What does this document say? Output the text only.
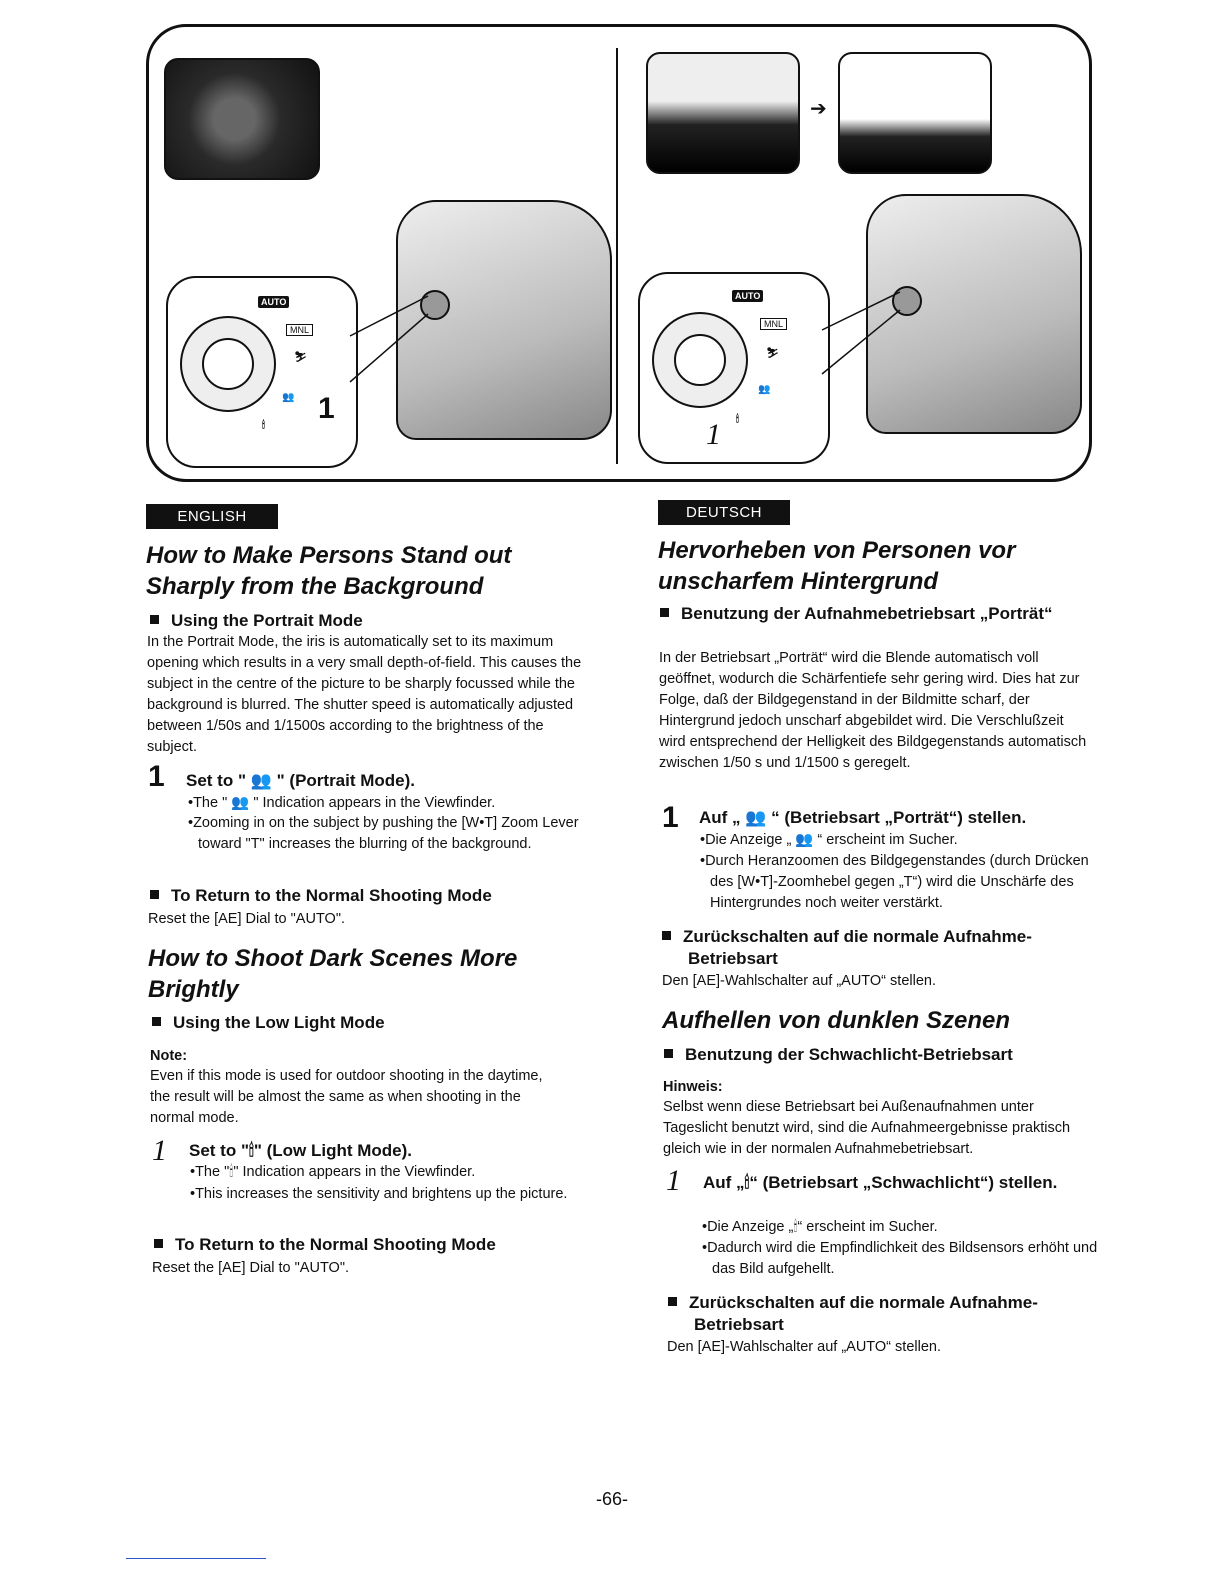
AUTO
MNL
⛷
👥
🕯
1
➔
AUTO
MNL
⛷
👥
🕯
1
ENGLISH
How to Make Persons Stand out Sharply from the Background
Using the Portrait Mode
In the Portrait Mode, the iris is automatically set to its maximum opening which results in a very small depth-of-field. This causes the subject in the centre of the picture to be sharply focussed while the background is blurred. The shutter speed is automatically adjusted between 1/50s and 1/1500s according to the brightness of the subject.
1 Set to " 👥 " (Portrait Mode).
•The " 👥 " Indication appears in the Viewfinder.
•Zooming in on the subject by pushing the [W•T] Zoom Lever toward "T" increases the blurring of the background.
To Return to the Normal Shooting Mode
Reset the [AE] Dial to "AUTO".
How to Shoot Dark Scenes More Brightly
Using the Low Light Mode
Note:
Even if this mode is used for outdoor shooting in the daytime, the result will be almost the same as when shooting in the normal mode.
1 Set to "🕯" (Low Light Mode).
•The "🕯" Indication appears in the Viewfinder.
•This increases the sensitivity and brightens up the picture.
To Return to the Normal Shooting Mode
Reset the [AE] Dial to "AUTO".
DEUTSCH
Hervorheben von Personen vor unscharfem Hintergrund
Benutzung der Aufnahmebetriebsart „Porträt“
In der Betriebsart „Porträt“ wird die Blende automatisch voll geöffnet, wodurch die Schärfentiefe sehr gering wird. Dies hat zur Folge, daß der Bildgegenstand in der Bildmitte scharf, der Hintergrund jedoch unscharf abgebildet wird. Die Verschlußzeit wird entsprechend der Helligkeit des Bildgegenstands automatisch zwischen 1/50 s und 1/1500 s geregelt.
1 Auf „ 👥 “ (Betriebsart „Porträt“) stellen.
•Die Anzeige „ 👥 “ erscheint im Sucher.
•Durch Heranzoomen des Bildgegenstandes (durch Drücken des [W•T]-Zoomhebel gegen „T“) wird die Unschärfe des Hintergrundes noch weiter verstärkt.
Zurückschalten auf die normale Aufnahme-Betriebsart
Den [AE]-Wahlschalter auf „AUTO“ stellen.
Aufhellen von dunklen Szenen
Benutzung der Schwachlicht-Betriebsart
Hinweis:
Selbst wenn diese Betriebsart bei Außenaufnahmen unter Tageslicht benutzt wird, sind die Aufnahmeergebnisse praktisch gleich wie in der normalen Aufnahmebetriebsart.
1 Auf „🕯“ (Betriebsart „Schwachlicht“) stellen.
•Die Anzeige „🕯“ erscheint im Sucher.
•Dadurch wird die Empfindlichkeit des Bildsensors erhöht und das Bild aufgehellt.
Zurückschalten auf die normale Aufnahme-Betriebsart
Den [AE]-Wahlschalter auf „AUTO“ stellen.
-66-
